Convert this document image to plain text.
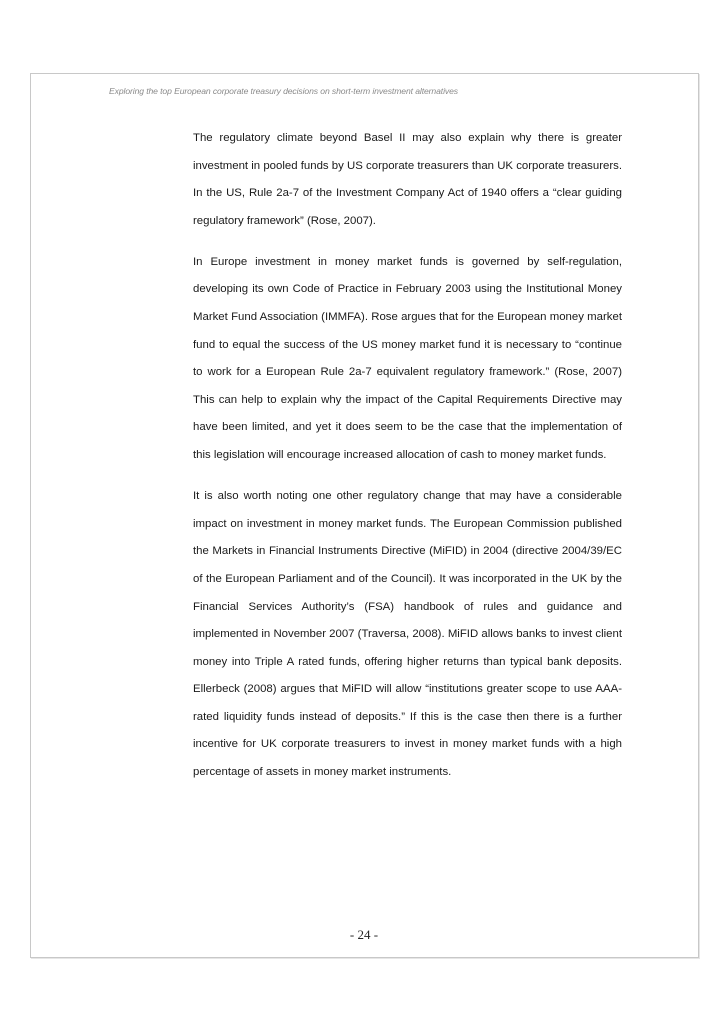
Exploring the top European corporate treasury decisions on short-term investment alternatives

The regulatory climate beyond Basel II may also explain why there is greater investment in pooled funds by US corporate treasurers than UK corporate treasurers. In the US, Rule 2a-7 of the Investment Company Act of 1940 offers a “clear guiding regulatory framework” (Rose, 2007).

In Europe investment in money market funds is governed by self-regulation, developing its own Code of Practice in February 2003 using the Institutional Money Market Fund Association (IMMFA). Rose argues that for the European money market fund to equal the success of the US money market fund it is necessary to “continue to work for a European Rule 2a-7 equivalent regulatory framework.” (Rose, 2007) This can help to explain why the impact of the Capital Requirements Directive may have been limited, and yet it does seem to be the case that the implementation of this legislation will encourage increased allocation of cash to money market funds.

It is also worth noting one other regulatory change that may have a considerable impact on investment in money market funds. The European Commission published the Markets in Financial Instruments Directive (MiFID) in 2004 (directive 2004/39/EC of the European Parliament and of the Council). It was incorporated in the UK by the Financial Services Authority’s (FSA) handbook of rules and guidance and implemented in November 2007 (Traversa, 2008). MiFID allows banks to invest client money into Triple A rated funds, offering higher returns than typical bank deposits. Ellerbeck (2008) argues that MiFID will allow “institutions greater scope to use AAA-rated liquidity funds instead of deposits.” If this is the case then there is a further incentive for UK corporate treasurers to invest in money market funds with a high percentage of assets in money market instruments.

- 24 -
